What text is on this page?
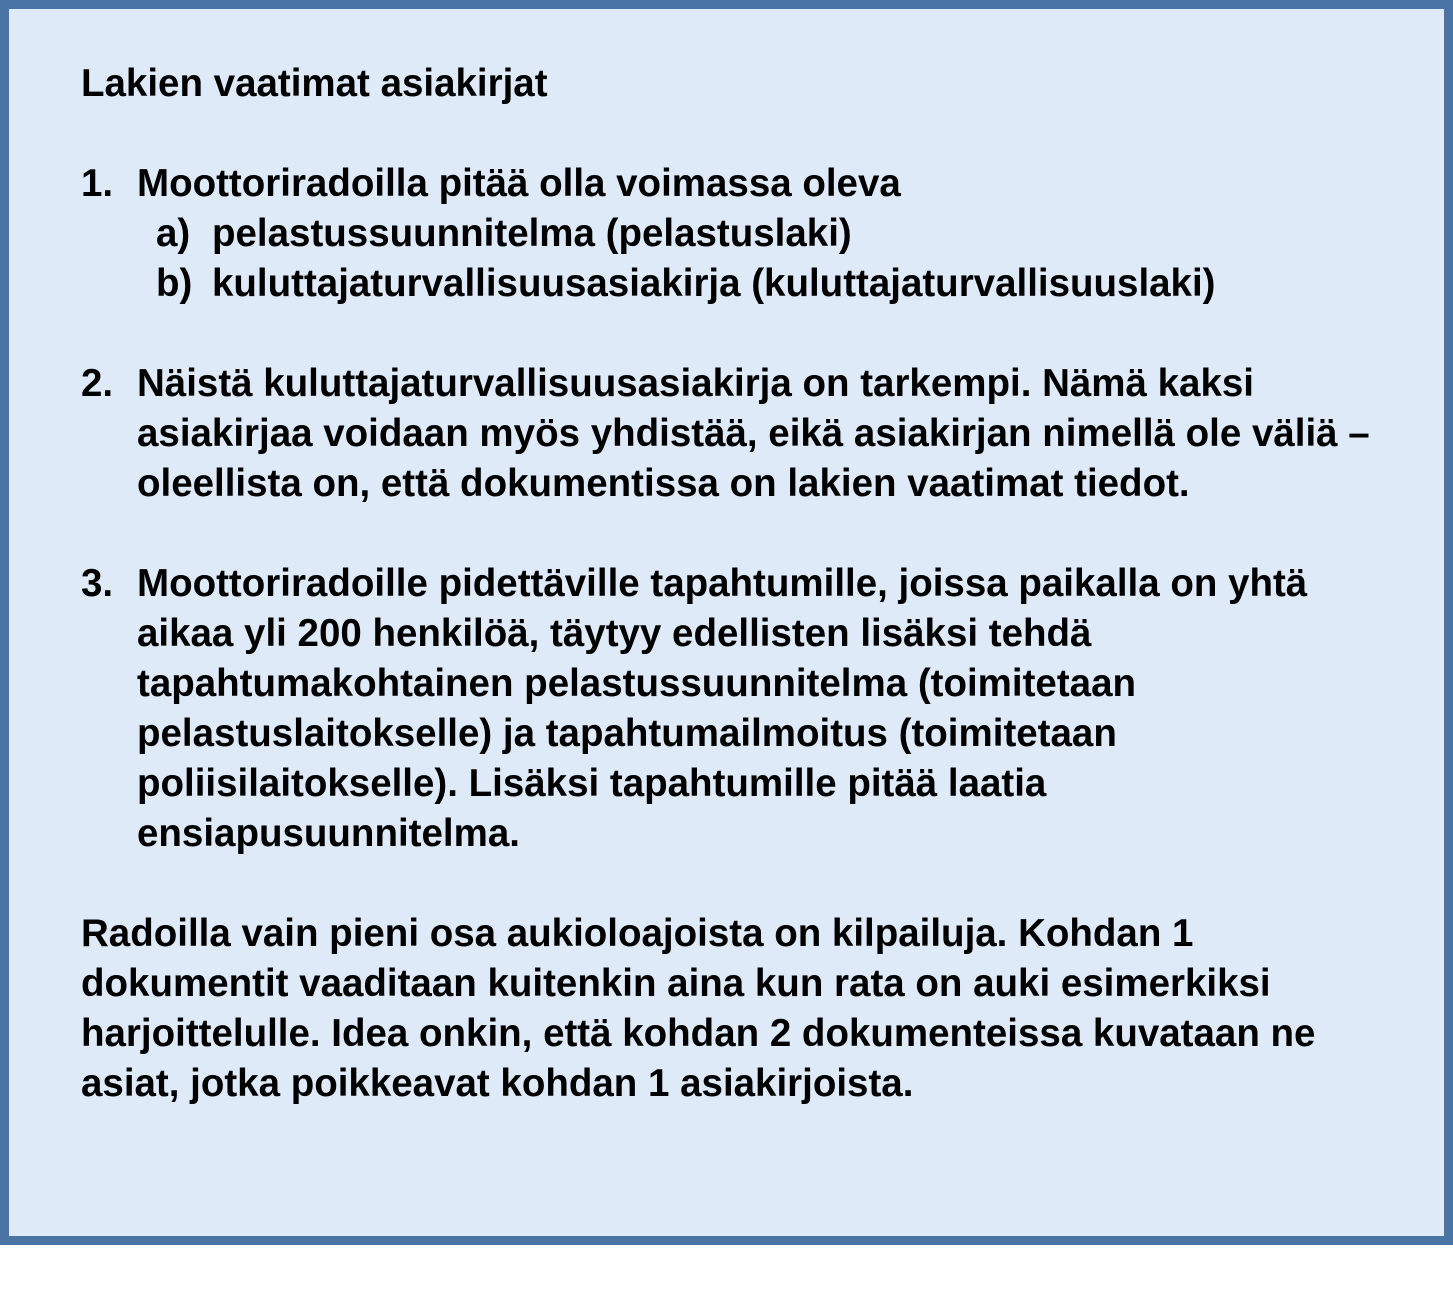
Lakien vaatimat asiakirjat
1. Moottoriradoilla pitää olla voimassa oleva
a) pelastussuunnitelma (pelastuslaki)
b) kuluttajaturvallisuusasiakirja (kuluttajaturvallisuuslaki)
2. Näistä kuluttajaturvallisuusasiakirja on tarkempi. Nämä kaksi asiakirjaa voidaan myös yhdistää, eikä asiakirjan nimellä ole väliä – oleellista on, että dokumentissa on lakien vaatimat tiedot.
3. Moottoriradoille pidettäville tapahtumille, joissa paikalla on yhtä aikaa yli 200 henkilöä, täytyy edellisten lisäksi tehdä tapahtumakohtainen pelastussuunnitelma (toimitetaan pelastuslaitokselle) ja tapahtumailmoitus (toimitetaan poliisilaitokselle). Lisäksi tapahtumille pitää laatia ensiapusuunnitelma.
Radoilla vain pieni osa aukioloajoista on kilpailuja. Kohdan 1 dokumentit vaaditaan kuitenkin aina kun rata on auki esimerkiksi harjoittelulle. Idea onkin, että kohdan 2 dokumenteissa kuvataan ne asiat, jotka poikkeavat kohdan 1 asiakirjoista.
